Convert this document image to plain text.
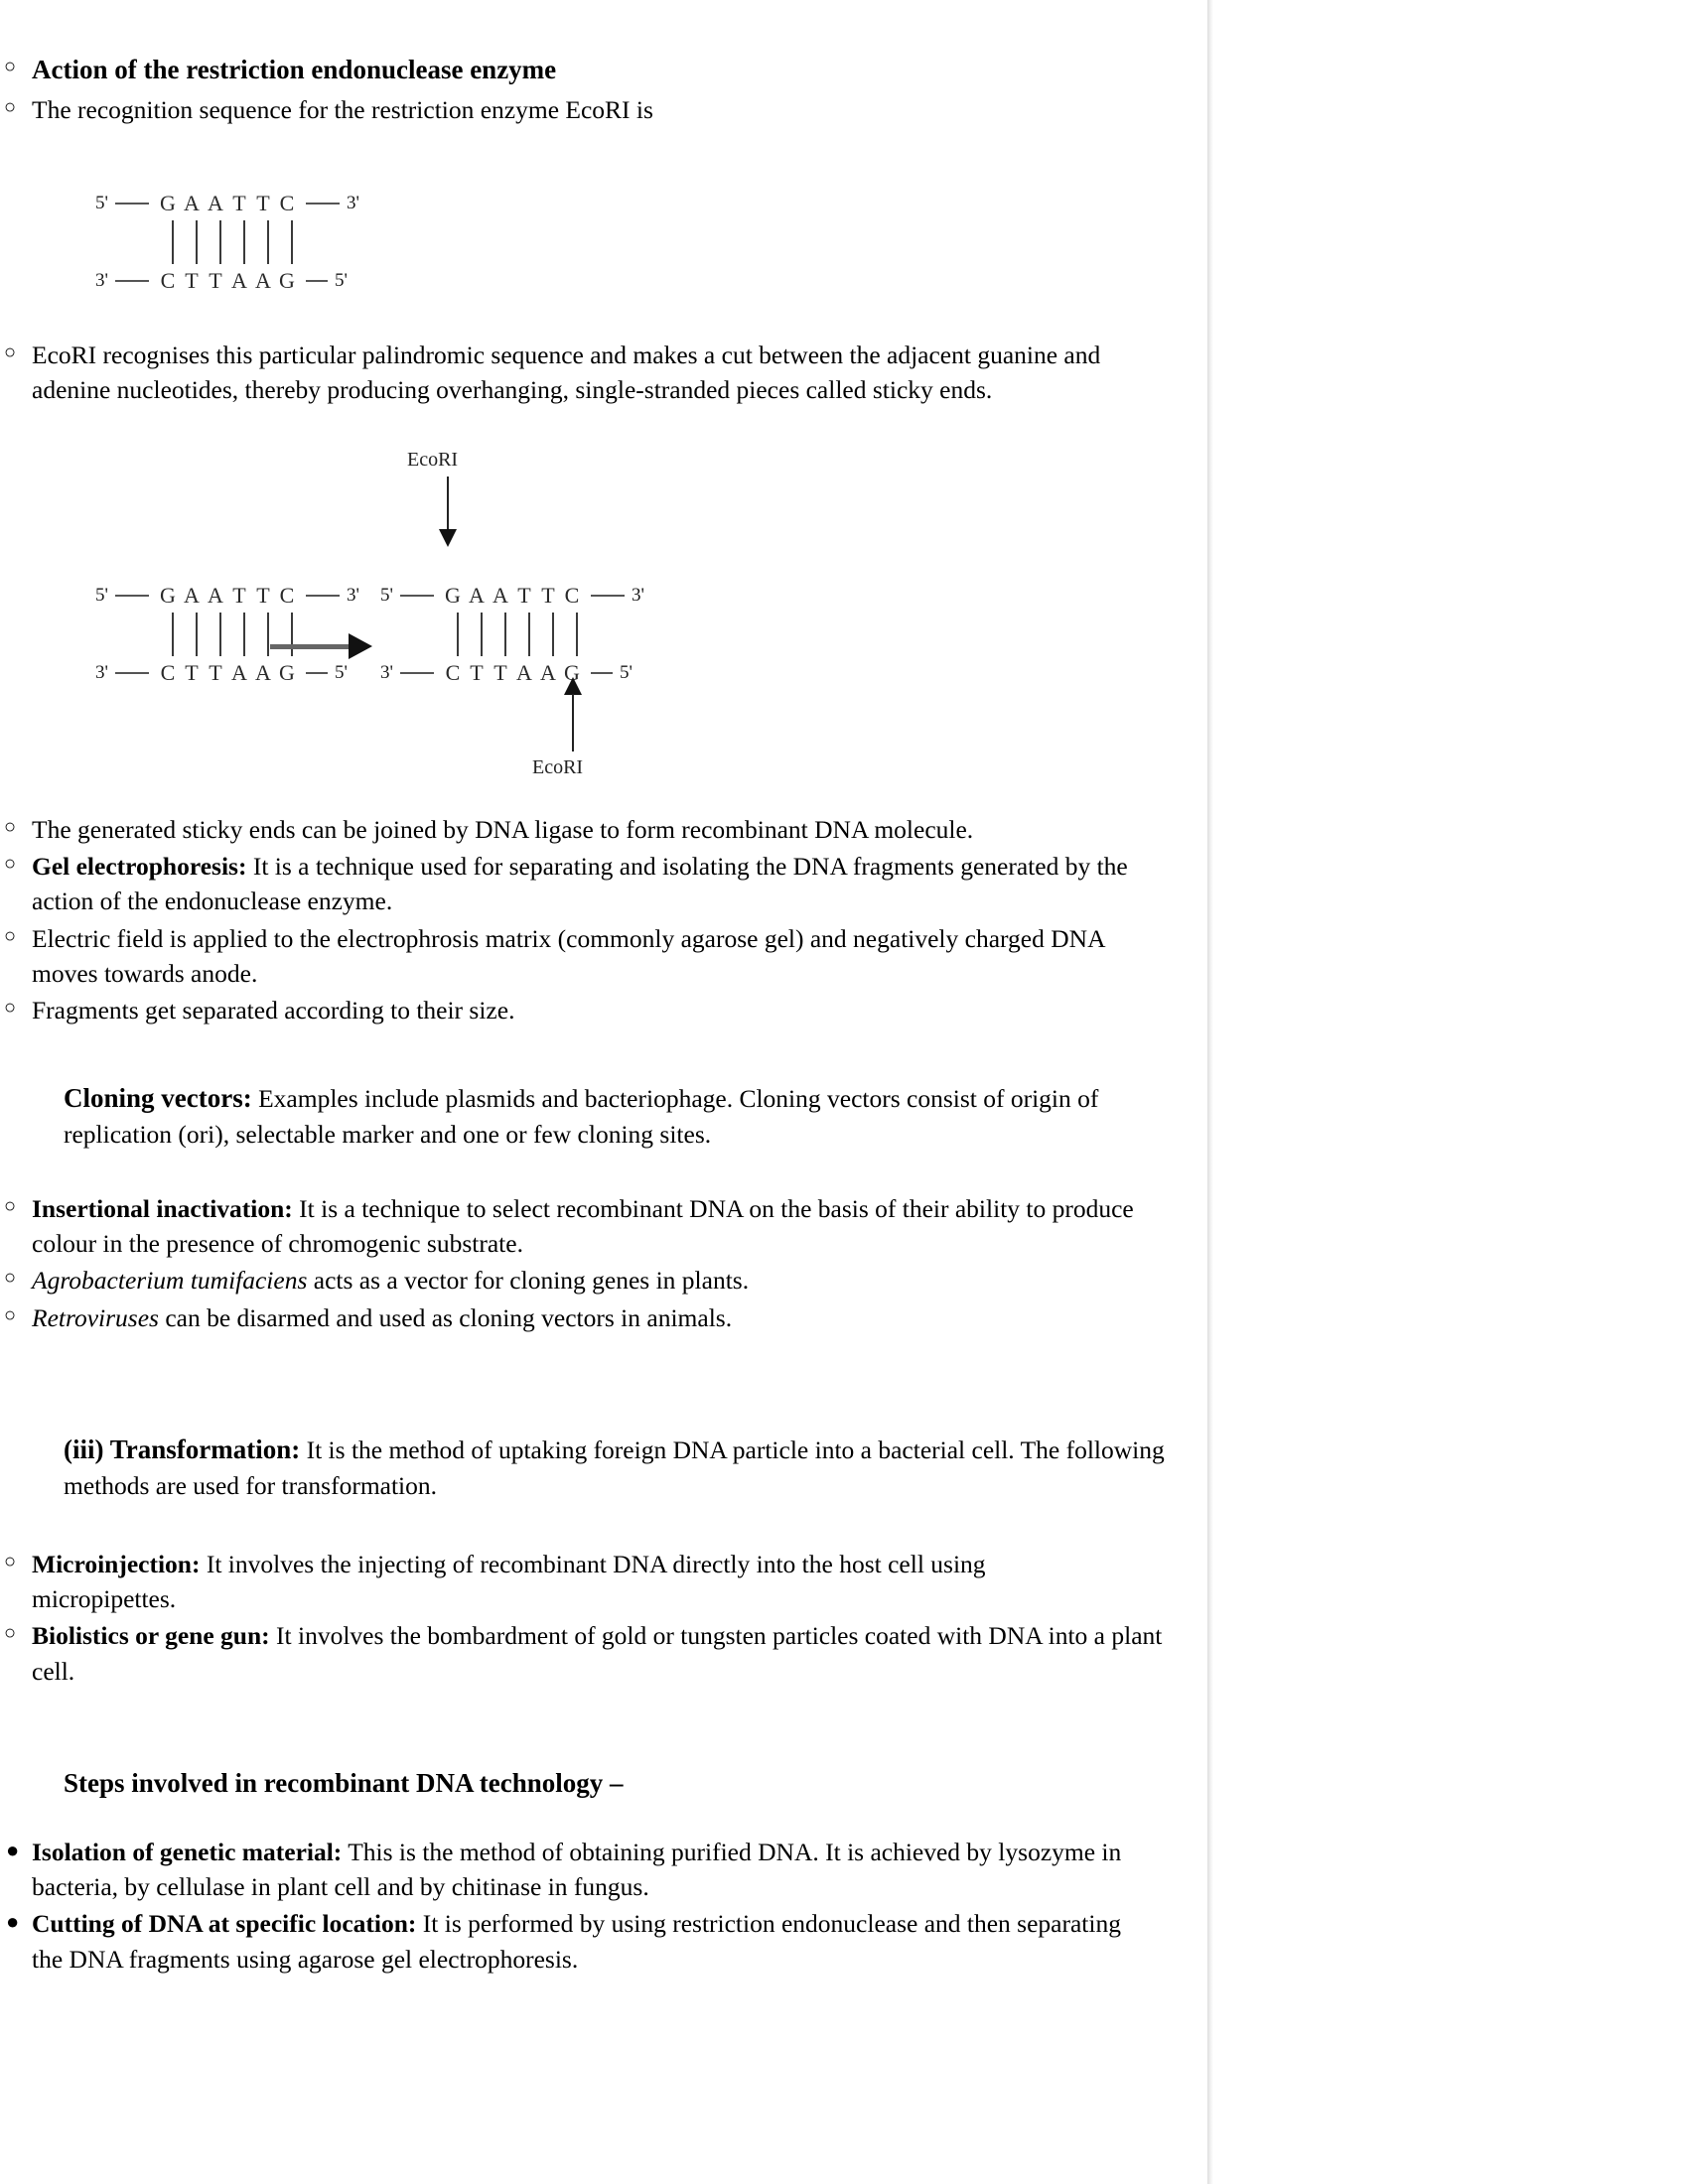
○ Action of the restriction endonuclease enzyme
○ The recognition sequence for the restriction enzyme EcoRI is
5' G A A T T C	3'
3' C T T A A G 5'
○ EcoRI recognises this particular palindromic sequence and makes a cut between the adjacent guanine and adenine nucleotides, thereby producing overhanging, single-stranded pieces called sticky ends.
5' G A A T T C	3'
3' C T T A A G 5'
5' G A A T T C	3'
3' C T T A A G 5'
EcoRI
EcoRI
○ The generated sticky ends can be joined by DNA ligase to form recombinant DNA molecule.
○ Gel electrophoresis: It is a technique used for separating and isolating the DNA fragments generated by the action of the endonuclease enzyme.
○ Electric field is applied to the electrophrosis matrix (commonly agarose gel) and negatively charged DNA moves towards anode.
○ Fragments get separated according to their size.

Cloning vectors: Examples include plasmids and bacteriophage. Cloning vectors consist of origin of replication (ori), selectable marker and one or few cloning sites.

○ Insertional inactivation: It is a technique to select recombinant DNA on the basis of their ability to produce colour in the presence of chromogenic substrate.
○ Agrobacterium tumifaciens acts as a vector for cloning genes in plants.
○ Retroviruses can be disarmed and used as cloning vectors in animals.

(iii) Transformation: It is the method of uptaking foreign DNA particle into a bacterial cell. The following methods are used for transformation.

○ Microinjection: It involves the injecting of recombinant DNA directly into the host cell using micropipettes.
○ Biolistics or gene gun: It involves the bombardment of gold or tungsten particles coated with DNA into a plant cell.
Steps involved in recombinant DNA technology –
● Isolation of genetic material: This is the method of obtaining purified DNA. It is achieved by lysozyme in bacteria, by cellulase in plant cell and by chitinase in fungus.
● Cutting of DNA at specific location: It is performed by using restriction endonuclease and then separating the DNA fragments using agarose gel electrophoresis.
